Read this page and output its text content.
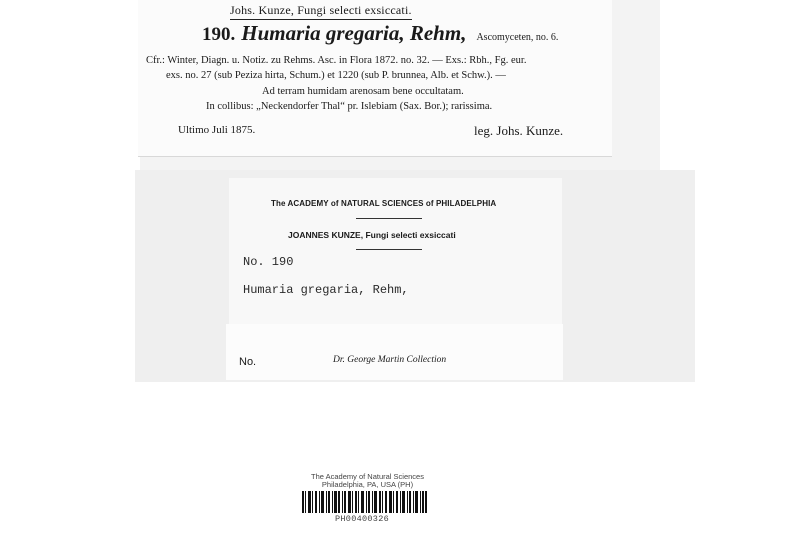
Johs. Kunze, Fungi selecti exsiccati.
190. Humaria gregaria, Rehm, Ascomyceten, no. 6.
Cfr.: Winter, Diagn. u. Notiz. zu Rehms. Asc. in Flora 1872. no. 32. — Exs.: Rbh., Fg. eur.
exs. no. 27 (sub Peziza hirta, Schum.) et 1220 (sub P. brunnea, Alb. et Schw.). —
Ad terram humidam arenosam bene occultatam.
In collibus: „Neckendorfer Thal“ pr. Islebiam (Sax. Bor.); rarissima.
Ultimo Juli 1875.	leg. Johs. Kunze.
The ACADEMY of NATURAL SCIENCES of PHILADELPHIA
JOANNES KUNZE, Fungi selecti exsiccati
No. 190
Humaria gregaria, Rehm,
No.	Dr. George Martin Collection
The Academy of Natural Sciences
Philadelphia, PA, USA (PH)
PH00400326
